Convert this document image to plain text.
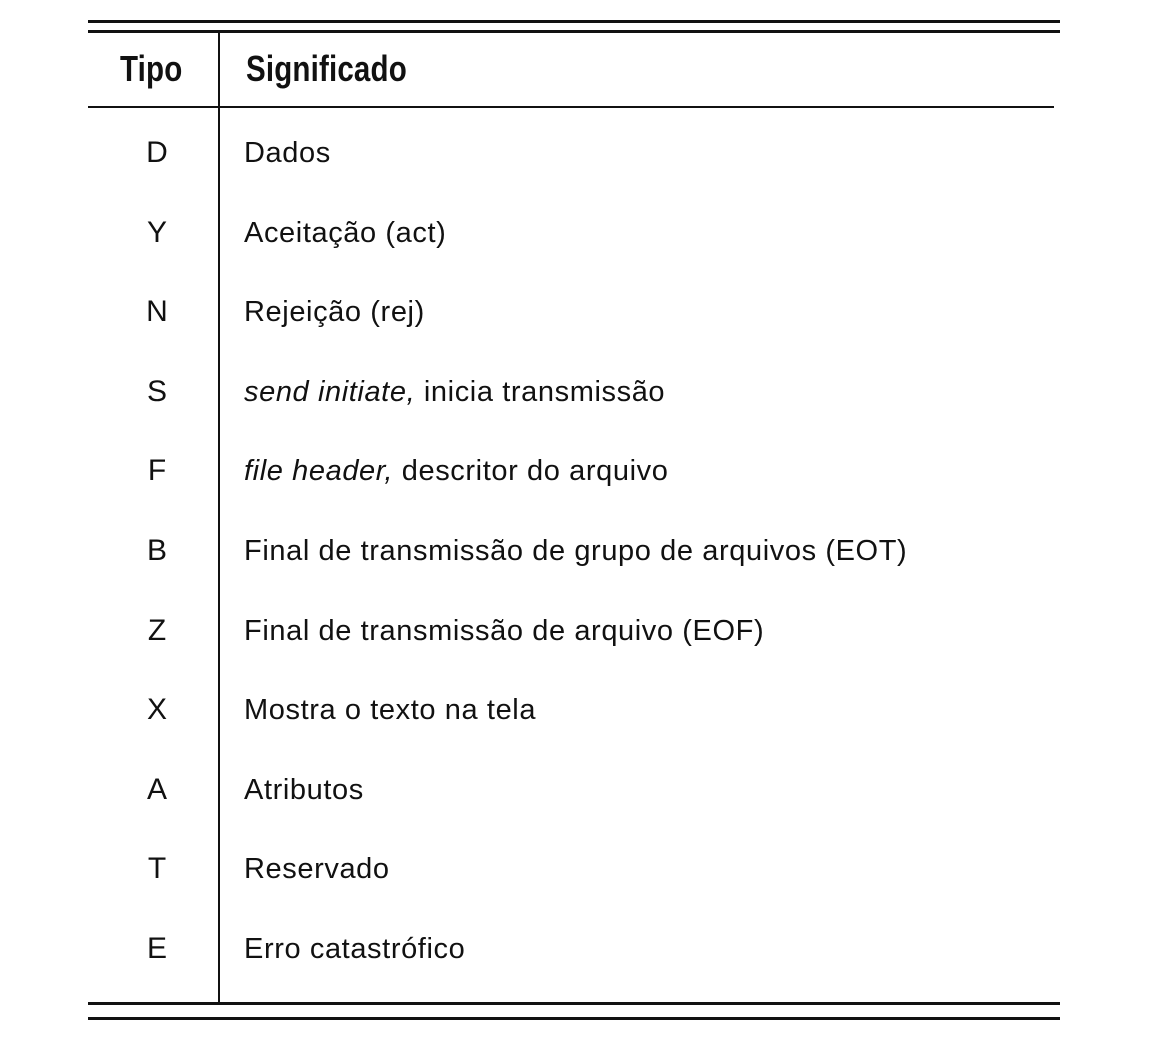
Tipo Significado
D	Dados
Y	Aceitação (act)
N	Rejeição (rej)
S	send initiate, inicia transmissão
F	file header, descritor do arquivo
B	Final de transmissão de grupo de arquivos (EOT)
Z	Final de transmissão de arquivo (EOF)
X	Mostra o texto na tela
A	Atributos
T	Reservado
E	Erro catastrófico
